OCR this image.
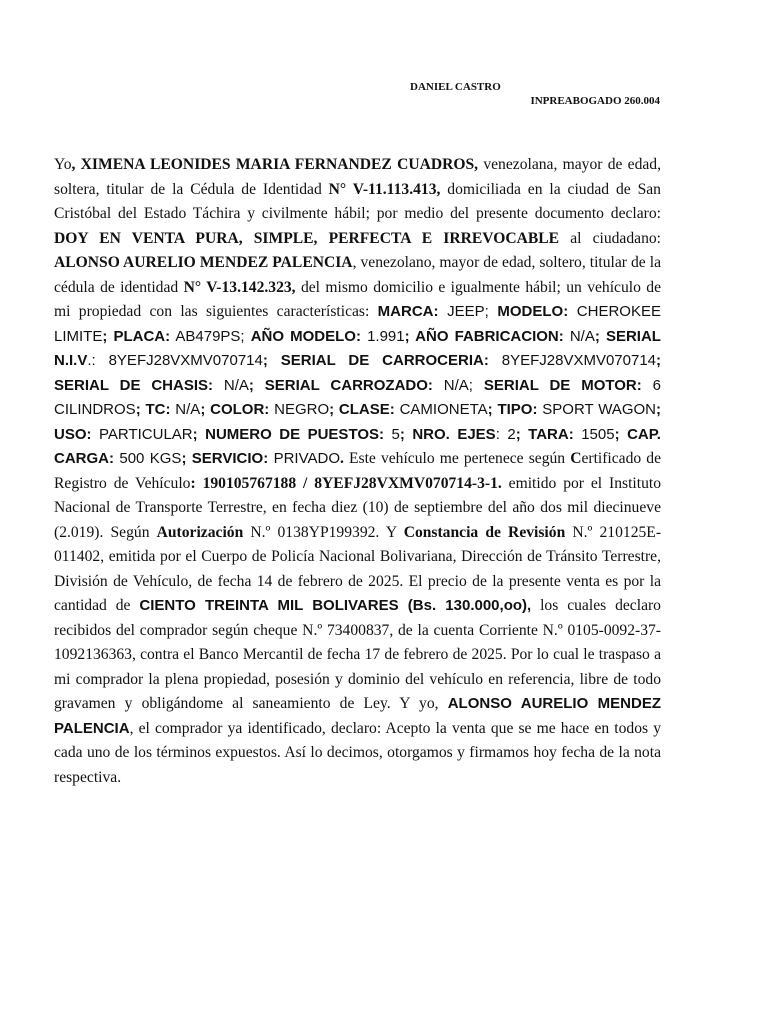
DANIEL CASTRO
INPREABOGADO 260.004

Yo, XIMENA LEONIDES MARIA FERNANDEZ CUADROS, venezolana, mayor de edad, soltera, titular de la Cédula de Identidad N° V-11.113.413, domiciliada en la ciudad de San Cristóbal del Estado Táchira y civilmente hábil; por medio del presente documento declaro: DOY EN VENTA PURA, SIMPLE, PERFECTA E IRREVOCABLE al ciudadano: ALONSO AURELIO MENDEZ PALENCIA, venezolano, mayor de edad, soltero, titular de la cédula de identidad N° V-13.142.323, del mismo domicilio e igualmente hábil; un vehículo de mi propiedad con las siguientes características: MARCA: JEEP; MODELO: CHEROKEE LIMITE; PLACA: AB479PS; AÑO MODELO: 1.991; AÑO FABRICACION: N/A; SERIAL N.I.V.: 8YEFJ28VXMV070714; SERIAL DE CARROCERIA: 8YEFJ28VXMV070714; SERIAL DE CHASIS: N/A; SERIAL CARROZADO: N/A; SERIAL DE MOTOR: 6 CILINDROS; TC: N/A; COLOR: NEGRO; CLASE: CAMIONETA; TIPO: SPORT WAGON; USO: PARTICULAR; NUMERO DE PUESTOS: 5; NRO. EJES: 2; TARA: 1505; CAP. CARGA: 500 KGS; SERVICIO: PRIVADO. Este vehículo me pertenece según Certificado de Registro de Vehículo: 190105767188 / 8YEFJ28VXMV070714-3-1. emitido por el Instituto Nacional de Transporte Terrestre, en fecha diez (10) de septiembre del año dos mil diecinueve (2.019). Según Autorización N.º 0138YP199392. Y Constancia de Revisión N.º 210125E-011402, emitida por el Cuerpo de Policía Nacional Bolivariana, Dirección de Tránsito Terrestre, División de Vehículo, de fecha 14 de febrero de 2025. El precio de la presente venta es por la cantidad de CIENTO TREINTA MIL BOLIVARES (Bs. 130.000,oo), los cuales declaro recibidos del comprador según cheque N.º 73400837, de la cuenta Corriente N.º 0105-0092-37-1092136363, contra el Banco Mercantil de fecha 17 de febrero de 2025. Por lo cual le traspaso a mi comprador la plena propiedad, posesión y dominio del vehículo en referencia, libre de todo gravamen y obligándome al saneamiento de Ley. Y yo, ALONSO AURELIO MENDEZ PALENCIA, el comprador ya identificado, declaro: Acepto la venta que se me hace en todos y cada uno de los términos expuestos. Así lo decimos, otorgamos y firmamos hoy fecha de la nota respectiva.
